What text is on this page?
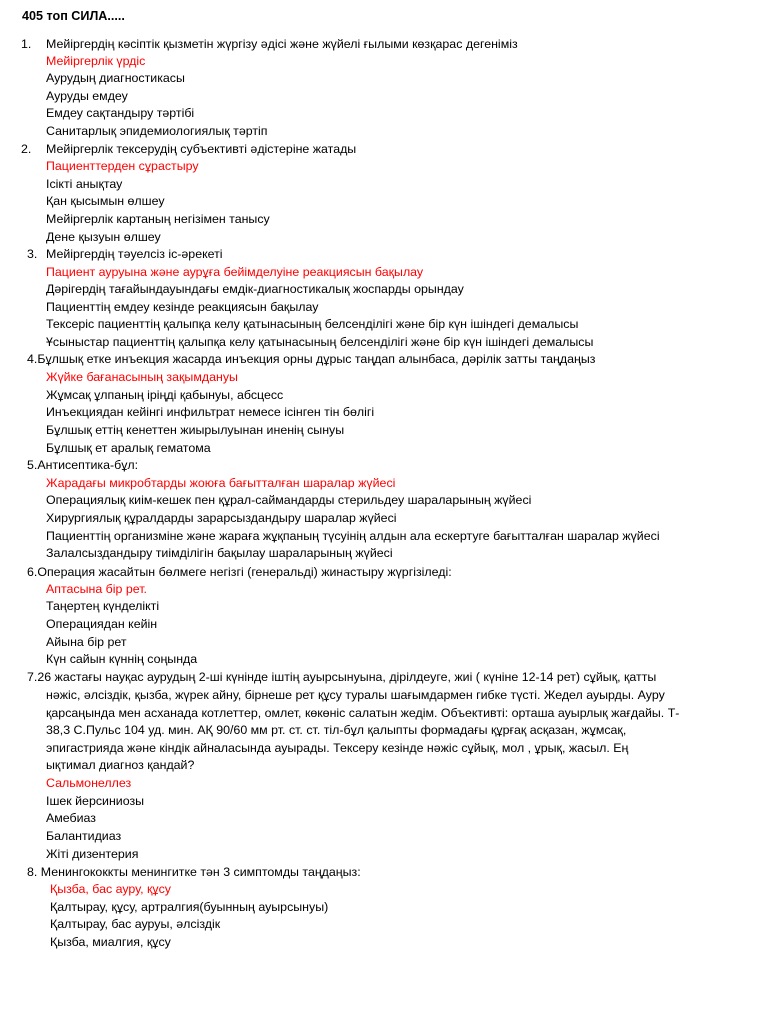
405 топ СИЛА.....
1. Мейіргердің кәсіптік қызметін жүргізу әдісі және жүйелі ғылыми көзқарас дегеніміз
Мейіргерлік үрдіс
Аурудың диагностикасы
Ауруды емдеу
Емдеу сақтандыру тәртібі
Санитарлық эпидемиологиялық тәртіп
2. Мейіргерлік тексерудің субъективті әдістеріне жатады
Пациенттерден сұрастыру
Ісікті анықтау
Қан қысымын өлшеу
Мейіргерлік картаның негізімен танысу
Дене қызуын өлшеу
3. Мейіргердің тәуелсіз іс-әрекеті
Пациент ауруына және аурұға бейімделуіне реакциясын бақылау
Дәрігердің тағайындауындағы емдік-диагностикалық жоспарды орындау
Пациенттің емдеу кезінде реакциясын бақылау
Тексеріс пациенттің қалыпқа келу қатынасының белсенділігі және бір күн ішіндегі демалысы
Ұсыныстар пациенттің қалыпқа келу қатынасының белсенділігі және бір күн ішіндегі демалысы
4.Бұлшық етке инъекция жасарда инъекция орны дұрыс таңдап алынбаса, дәрілік затты таңдаңыз
Жүйке бағанасының зақымдануы
Жұмсақ ұлпаның іріңді қабынуы, абсцесс
Инъекциядан кейінгі инфильтрат немесе ісінген тін бөлігі
Бұлшық еттің кенеттен жиырылуынан иненің сынуы
Бұлшық ет аралық гематома
5.Антисептика-бұл:
Жарадағы микробтарды жоюға бағытталған шаралар жүйесі
Операциялық киім-кешек пен құрал-саймандарды стерильдеу шараларының жүйесі
Хирургиялық құралдарды зарарсыздандыру шаралар жүйесі
Пациенттің организміне және жараға жұқпаның түсуінің алдын ала ескертуге бағытталған шаралар жүйесі
Залалсыздандыру тиімділігін бақылау шараларының жүйесі
6.Операция жасайтын бөлмеге негізгі (генеральді) жинастыру жүргізіледі:
Аптасына бір рет.
Таңертең күнделікті
Операциядан кейін
Айына бір рет
Күн сайын күннің соңында
7.26 жастағы науқас аурудың 2-ші күнінде іштің ауырсынуына, дірілдеуге, жиі ( күніне 12-14 рет) сұйық, қатты
нәжіс, әлсіздік, қызба, жүрек айну, бірнеше рет құсу туралы шағымдармен гибке түсті. Жедел ауырды. Ауру
қарсаңында мен асханада котлеттер, омлет, көкөніс салатын жедім. Объективті: орташа ауырлық жағдайы. Т-
38,3 С.Пульс 104 уд. мин. АҚ 90/60 мм рт. ст. ст. тіл-бұл қалыпты формадағы құрғақ асқазан, жұмсақ,
эпигастрияда және кіндік айналасында ауырады. Тексеру кезінде нәжіс сұйық, мол , ұрық, жасыл. Ең
ықтимал диагноз қандай?
Сальмонеллез
Ішек йерсиниозы
Амебиаз
Балантидиаз
Жіті дизентерия
8. Менингококкты менингитке тән 3 симптомды таңдаңыз:
Қызба, бас ауру, құсу
Қалтырау, құсу, артралгия(буынның ауырсынуы)
Қалтырау, бас ауруы, әлсіздік
Қызба, миалгия, құсу
